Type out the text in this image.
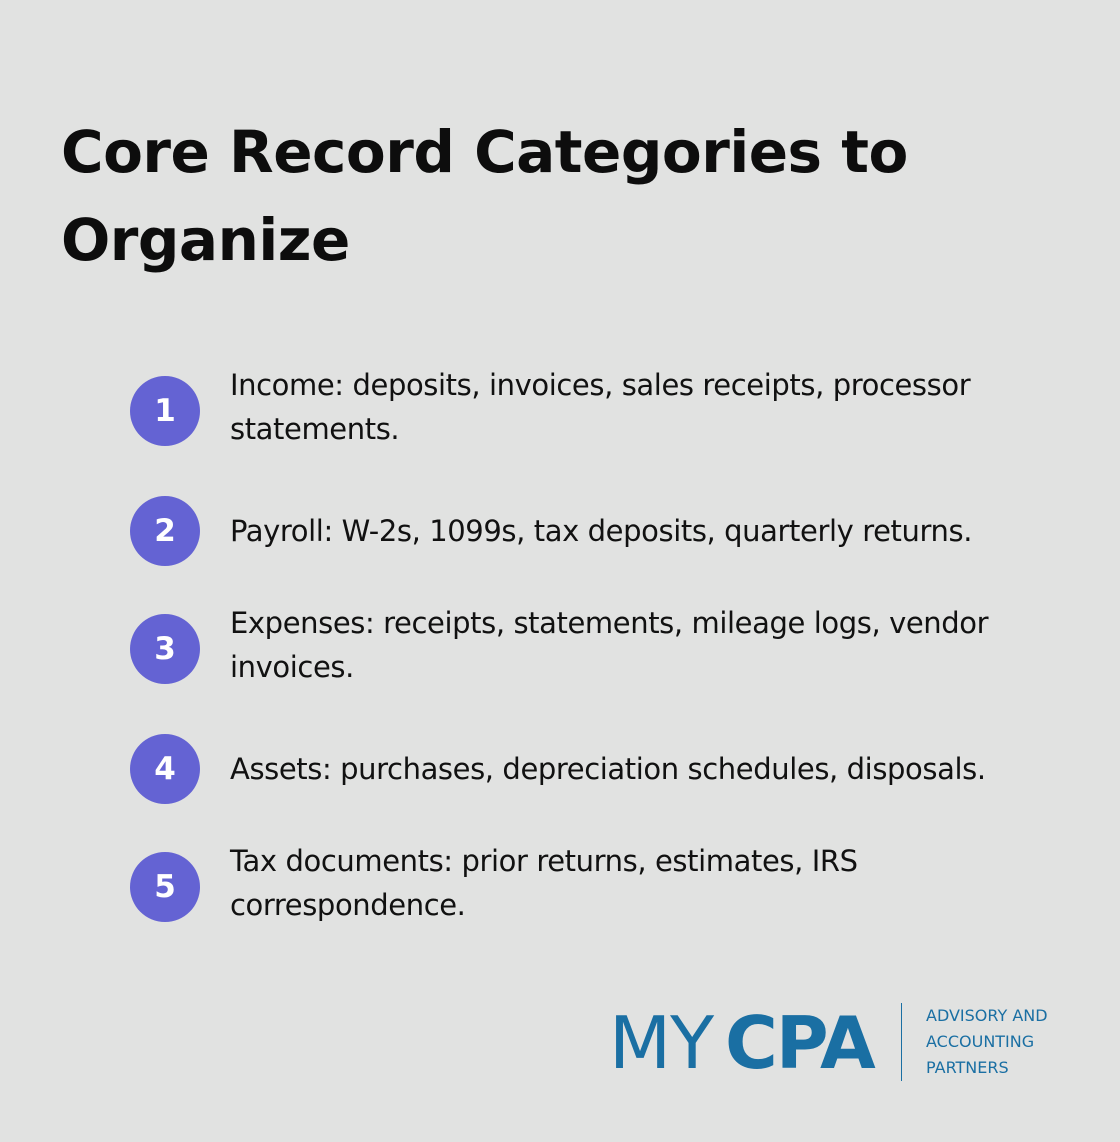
Core Record Categories to Organize
1
Income: deposits, invoices, sales receipts, processor statements.
2	Payroll: W-2s, 1099s, tax deposits, quarterly returns.
3
Expenses: receipts, statements, mileage logs, vendor invoices.
4	Assets: purchases, depreciation schedules, disposals.
5
Tax documents: prior returns, estimates, IRS correspondence.
MY CPA	ADVISORY AND
ACCOUNTING
PARTNERS
